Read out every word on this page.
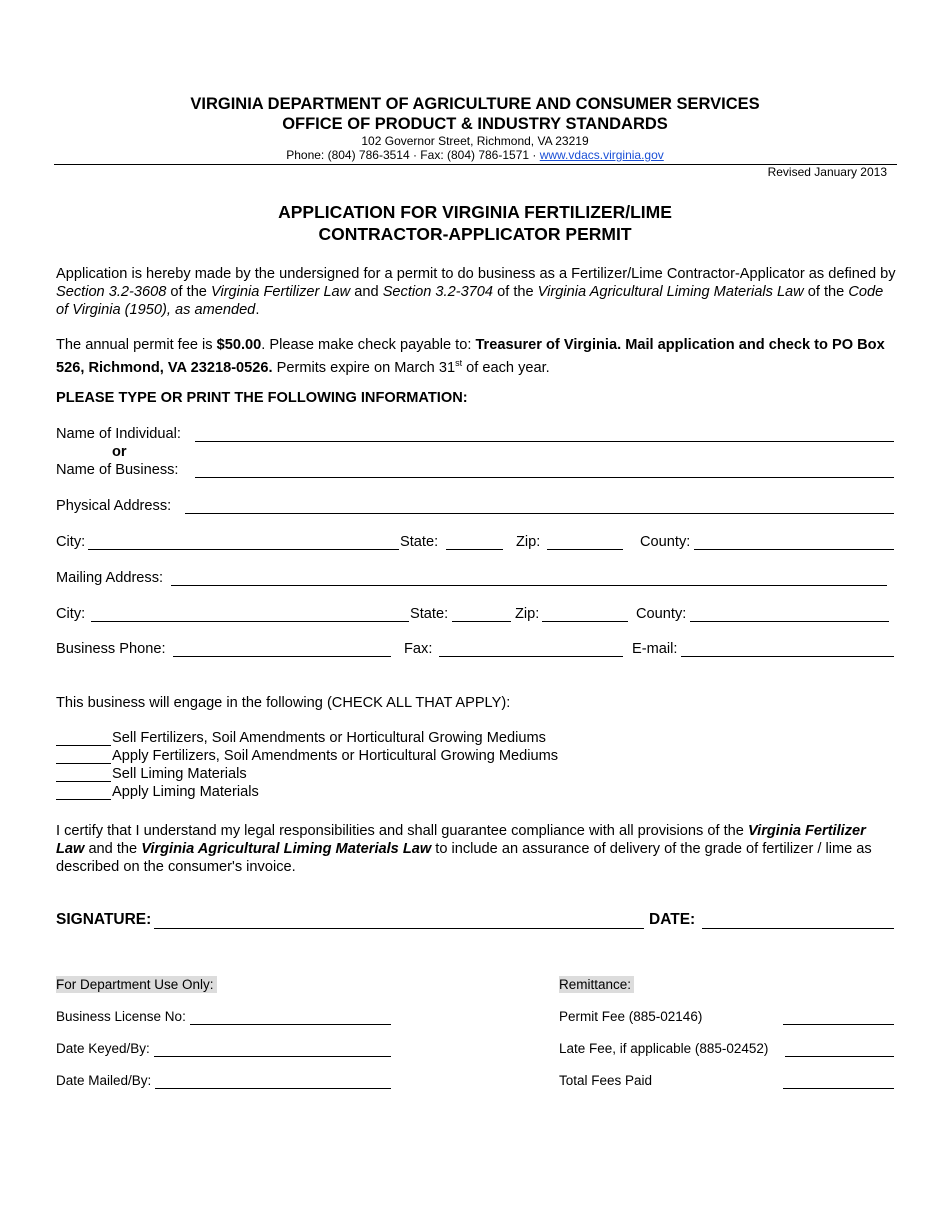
VIRGINIA DEPARTMENT OF AGRICULTURE AND CONSUMER SERVICES
OFFICE OF PRODUCT & INDUSTRY STANDARDS
102 Governor Street, Richmond, VA 23219
Phone: (804) 786-3514 · Fax: (804) 786-1571 · www.vdacs.virginia.gov
Revised January 2013
APPLICATION FOR VIRGINIA FERTILIZER/LIME
CONTRACTOR-APPLICATOR PERMIT
Application is hereby made by the undersigned for a permit to do business as a Fertilizer/Lime Contractor-Applicator as defined by Section 3.2-3608 of the Virginia Fertilizer Law and Section 3.2-3704 of the Virginia Agricultural Liming Materials Law of the Code of Virginia (1950), as amended.
The annual permit fee is $50.00. Please make check payable to: Treasurer of Virginia. Mail application and check to PO Box 526, Richmond, VA 23218-0526. Permits expire on March 31st of each year.
PLEASE TYPE OR PRINT THE FOLLOWING INFORMATION:
Name of Individual:
or
Name of Business:
Physical Address:
City:	State:	Zip:	County:
Mailing Address:
City:	State:	Zip:	County:
Business Phone:	Fax:	E-mail:
This business will engage in the following (CHECK ALL THAT APPLY):
Sell Fertilizers, Soil Amendments or Horticultural Growing Mediums
Apply Fertilizers, Soil Amendments or Horticultural Growing Mediums
Sell Liming Materials
Apply Liming Materials
I certify that I understand my legal responsibilities and shall guarantee compliance with all provisions of the Virginia Fertilizer Law and the Virginia Agricultural Liming Materials Law to include an assurance of delivery of the grade of fertilizer / lime as described on the consumer's invoice.
SIGNATURE:	DATE:
For Department Use Only:
Business License No:
Date Keyed/By:
Date Mailed/By:
Remittance:
Permit Fee (885-02146)
Late Fee, if applicable (885-02452)
Total Fees Paid
